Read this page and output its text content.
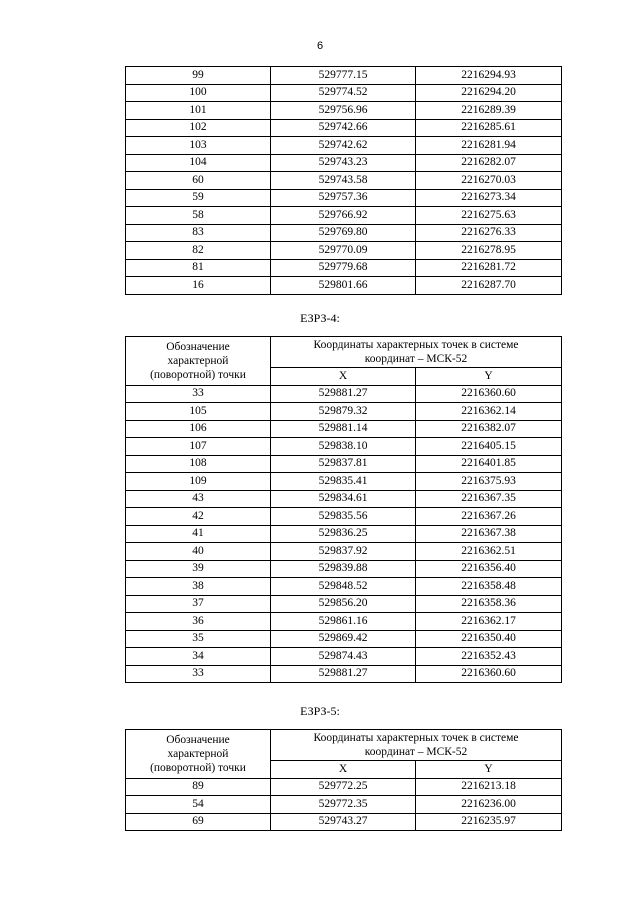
6
99	529777.15	2216294.93
100	529774.52	2216294.20
101	529756.96	2216289.39
102	529742.66	2216285.61
103	529742.62	2216281.94
104	529743.23	2216282.07
60	529743.58	2216270.03
59	529757.36	2216273.34
58	529766.92	2216275.63
83	529769.80	2216276.33
82	529770.09	2216278.95
81	529779.68	2216281.72
16	529801.66	2216287.70
ЕЗРЗ-4:
Обозначение характерной (поворотной) точки	Координаты характерных точек в системе координат – МСК-52	
	X	Y
33	529881.27	2216360.60
105	529879.32	2216362.14
106	529881.14	2216382.07
107	529838.10	2216405.15
108	529837.81	2216401.85
109	529835.41	2216375.93
43	529834.61	2216367.35
42	529835.56	2216367.26
41	529836.25	2216367.38
40	529837.92	2216362.51
39	529839.88	2216356.40
38	529848.52	2216358.48
37	529856.20	2216358.36
36	529861.16	2216362.17
35	529869.42	2216350.40
34	529874.43	2216352.43
33	529881.27	2216360.60
ЕЗРЗ-5:
Обозначение характерной (поворотной) точки	Координаты характерных точек в системе координат – МСК-52	
	X	Y
89	529772.25	2216213.18
54	529772.35	2216236.00
69	529743.27	2216235.97
